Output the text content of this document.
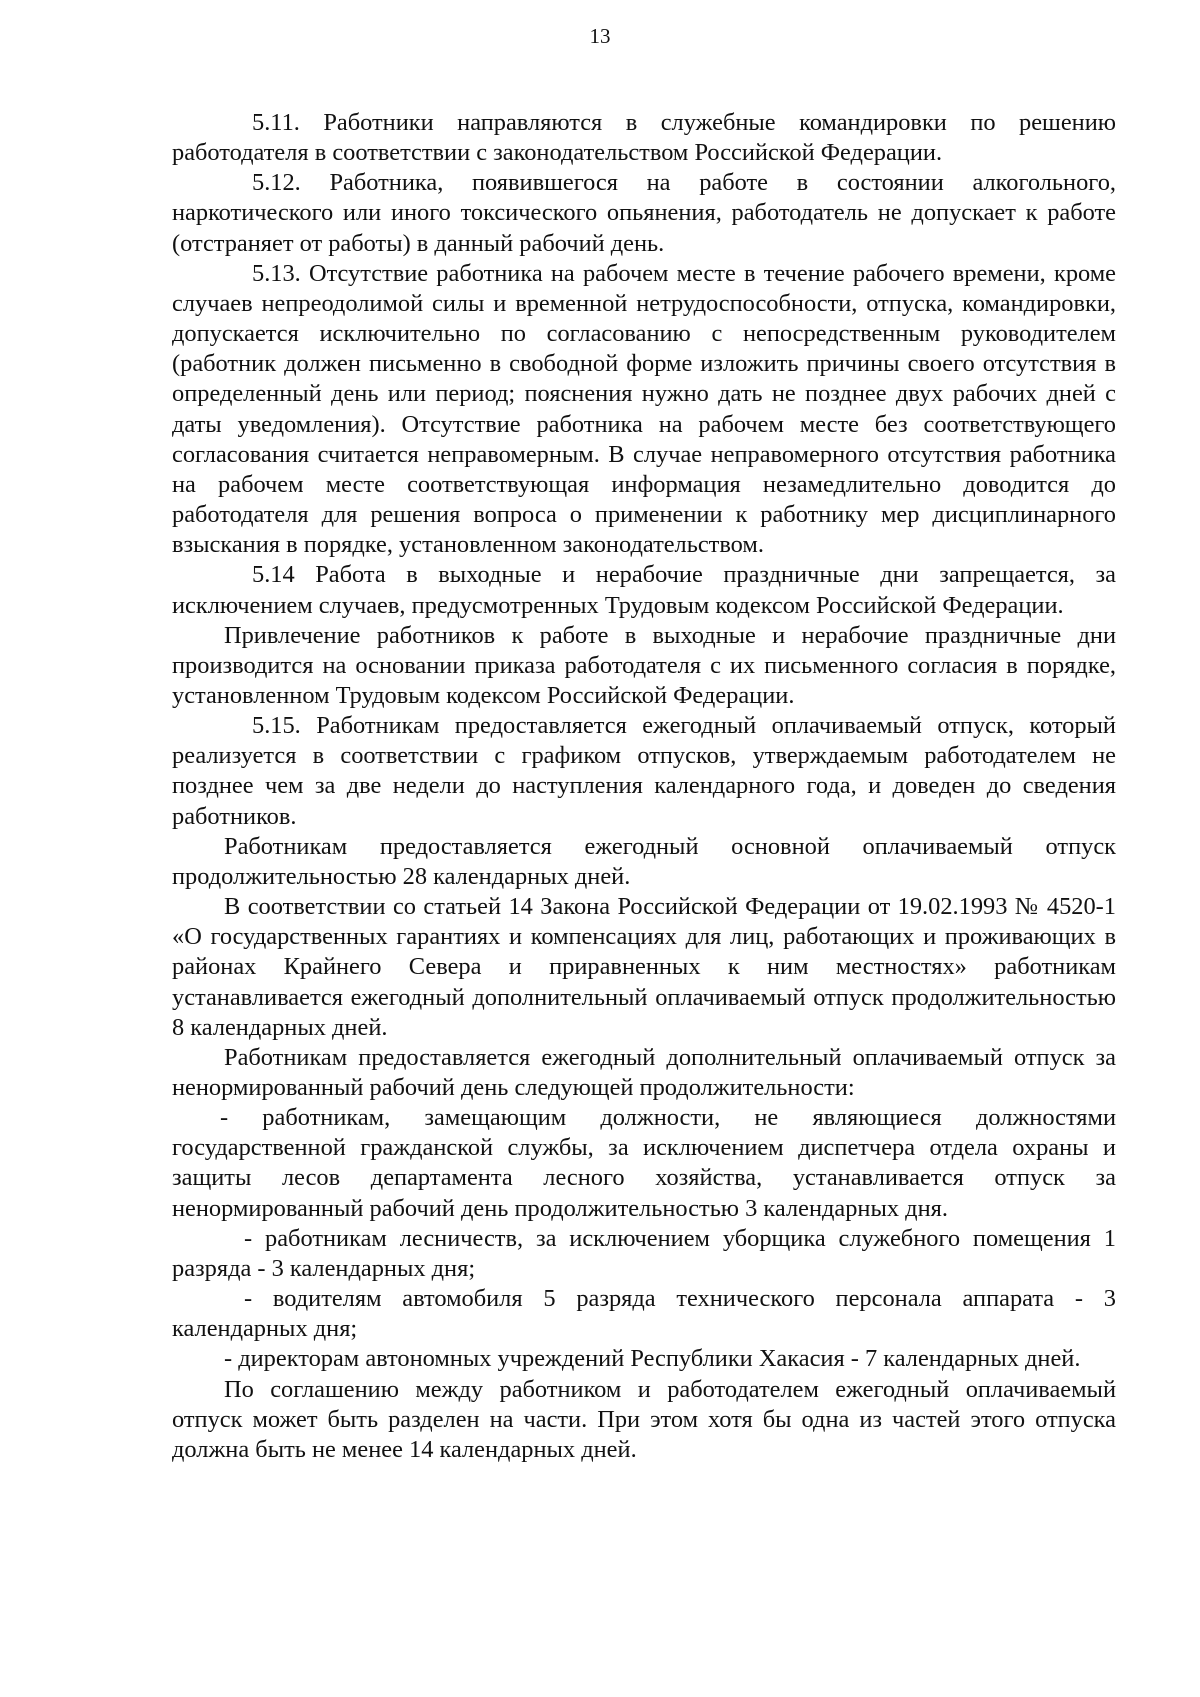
13

5.11. Работники направляются в служебные командировки по решению работодателя в соответствии с законодательством Российской Федерации.

5.12. Работника, появившегося на работе в состоянии алкогольного, наркотического или иного токсического опьянения, работодатель не допускает к работе (отстраняет от работы) в данный рабочий день.

5.13. Отсутствие работника на рабочем месте в течение рабочего времени, кроме случаев непреодолимой силы и временной нетрудоспособности, отпуска, командировки, допускается исключительно по согласованию с непосредственным руководителем (работник должен письменно в свободной форме изложить причины своего отсутствия в определенный день или период; пояснения нужно дать не позднее двух рабочих дней с даты уведомления). Отсутствие работника на рабочем месте без соответствующего согласования считается неправомерным. В случае неправомерного отсутствия работника на рабочем месте соответствующая информация незамедлительно доводится до работодателя для решения вопроса о применении к работнику мер дисциплинарного взыскания в порядке, установленном законодательством.

5.14 Работа в выходные и нерабочие праздничные дни запрещается, за исключением случаев, предусмотренных Трудовым кодексом Российской Федерации.

Привлечение работников к работе в выходные и нерабочие праздничные дни производится на основании приказа работодателя с их письменного согласия в порядке, установленном Трудовым кодексом Российской Федерации.

5.15. Работникам предоставляется ежегодный оплачиваемый отпуск, который реализуется в соответствии с графиком отпусков, утверждаемым работодателем не позднее чем за две недели до наступления календарного года, и доведен до сведения работников.

Работникам предоставляется ежегодный основной оплачиваемый отпуск продолжительностью 28 календарных дней.

В соответствии со статьей 14 Закона Российской Федерации от 19.02.1993 № 4520-1 «О государственных гарантиях и компенсациях для лиц, работающих и проживающих в районах Крайнего Севера и приравненных к ним местностях» работникам устанавливается ежегодный дополнительный оплачиваемый отпуск продолжительностью 8 календарных дней.

Работникам предоставляется ежегодный дополнительный оплачиваемый отпуск за ненормированный рабочий день следующей продолжительности:

- работникам, замещающим должности, не являющиеся должностями государственной гражданской службы, за исключением диспетчера отдела охраны и защиты лесов департамента лесного хозяйства, устанавливается отпуск за ненормированный рабочий день продолжительностью 3 календарных дня.

- работникам лесничеств, за исключением уборщика служебного помещения 1 разряда - 3 календарных дня;

- водителям автомобиля 5 разряда технического персонала аппарата - 3 календарных дня;

- директорам автономных учреждений Республики Хакасия - 7 календарных дней.

По соглашению между работником и работодателем ежегодный оплачиваемый отпуск может быть разделен на части. При этом хотя бы одна из частей этого отпуска должна быть не менее 14 календарных дней.
